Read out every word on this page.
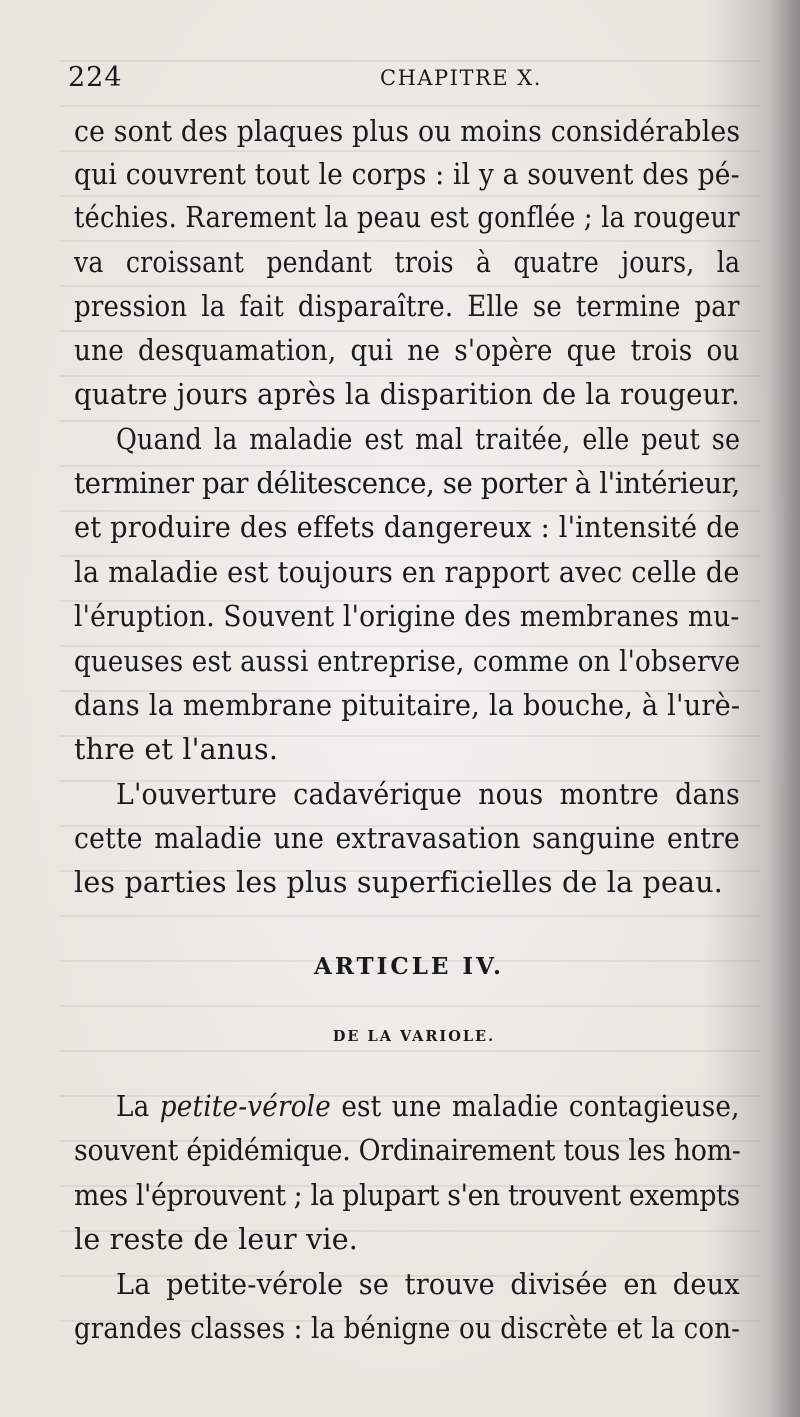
224	CHAPITRE X.
ce sont des plaques plus ou moins considérables
qui couvrent tout le corps : il y a souvent des pé-
téchies. Rarement la peau est gonflée ; la rougeur
va croissant pendant trois à quatre jours, la
pression la fait disparaître. Elle se termine par
une desquamation, qui ne s'opère que trois ou
quatre jours après la disparition de la rougeur.
Quand la maladie est mal traitée, elle peut se
terminer par délitescence, se porter à l'intérieur,
et produire des effets dangereux : l'intensité de
la maladie est toujours en rapport avec celle de
l'éruption. Souvent l'origine des membranes mu-
queuses est aussi entreprise, comme on l'observe
dans la membrane pituitaire, la bouche, à l'urè-
thre et l'anus.
L'ouverture cadavérique nous montre dans
cette maladie une extravasation sanguine entre
les parties les plus superficielles de la peau.
ARTICLE IV.
DE LA VARIOLE.
La petite-vérole est une maladie contagieuse,
souvent épidémique. Ordinairement tous les hom-
mes l'éprouvent ; la plupart s'en trouvent exempts
le reste de leur vie.
La petite-vérole se trouve divisée en deux
grandes classes : la bénigne ou discrète et la con-
